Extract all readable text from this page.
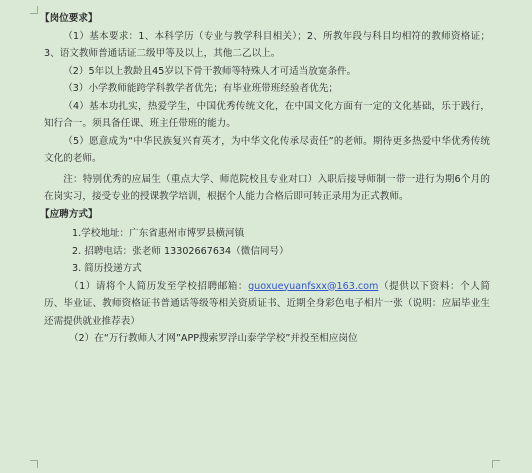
【岗位要求】
（1）基本要求：1、本科学历（专业与教学科目相关）；2、所教年段与科目均相符的教师资格证；3、语文教师普通话证二级甲等及以上，其他二乙以上。
（2）5年以上教龄且45岁以下骨干教师等特殊人才可适当放宽条件。
（3）小学教师能跨学科教学者优先；有毕业班带班经验者优先；
（4）基本功扎实，热爱学生，中国优秀传统文化，在中国文化方面有一定的文化基础，乐于践行，知行合一。须具备任课、班主任带班的能力。
（5）愿意成为“中华民族复兴育英才，为中华文化传承尽责任”的老师。期待更多热爱中华优秀传统文化的老师。
注：特别优秀的应届生（重点大学、师范院校且专业对口）入职后接导师制一带一进行为期6个月的在岗实习，接受专业的授课教学培训，根据个人能力合格后即可转正录用为正式教师。
【应聘方式】
1.学校地址：广东省惠州市博罗县横河镇
2. 招聘电话：张老师 13302667634（微信同号）
3. 简历投递方式
（1）请将个人简历发至学校招聘邮箱：guoxueyuanfsxx@163.com（提供以下资料：个人简历、毕业证、教师资格证书普通话等级等相关资质证书、近期全身彩色电子相片一张（说明：应届毕业生还需提供就业推荐表）
（2）在“万行教师人才网”APP搜索罗浮山泰学学校”并投至相应岗位
